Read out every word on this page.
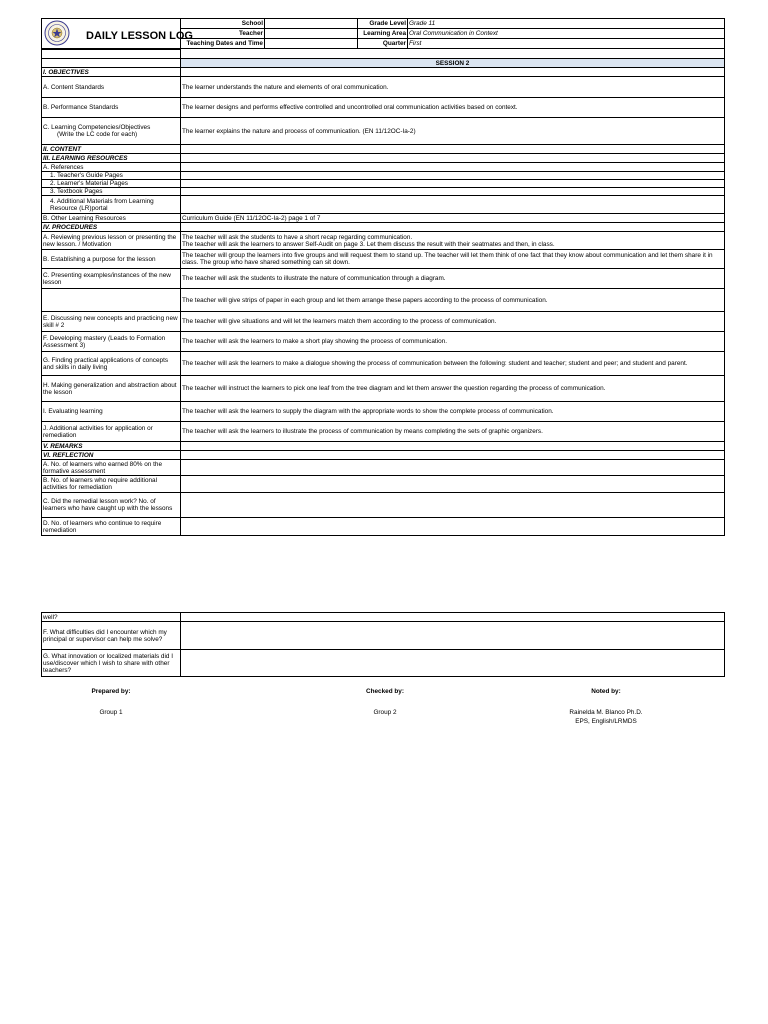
DAILY LESSON LOG
School		Grade Level	Grade 11
Teacher		Learning Area	Oral Communication in Context
Teaching Dates and Time		Quarter	First

	SESSION 2
I. OBJECTIVES	
A. Content Standards	The learner understands the nature and elements of oral communication.
B. Performance Standards	The learner designs and performs effective controlled and uncontrolled oral communication activities based on context.

C. Learning Competencies/Objectives
(Write the LC code for each)	The learner explains the nature and process of communication. (EN 11/12OC-Ia-2)
II. CONTENT	
III. LEARNING RESOURCES	
A. References	
1. Teacher's Guide Pages	
2. Learner's Material Pages	
3. Textbook Pages	

4. Additional Materials from Learning
Resource (LR)portal	

B. Other Learning Resources	Curriculum Guide (EN 11/12OC-Ia-2) page 1 of 7
IV. PROCEDURES	
A. Reviewing previous lesson or presenting the new lesson. / Motivation	The teacher will ask the students to have a short recap regarding communication.
The teacher will ask the learners to answer Self-Audit on page 3. Let them discuss the result with their seatmates and then, in class.

B. Establishing a purpose for the lesson	The teacher will group the learners into five groups and will request them to stand up. The teacher will let them think of one fact that they know about communication and let them share it in class. The group who have shared something can sit down.
C. Presenting examples/instances of the new lesson	The teacher will ask the students to illustrate the nature of communication through a diagram.
	The teacher will give strips of paper in each group and let them arrange these papers according to the process of communication.
E. Discussing new concepts and practicing new skill # 2	The teacher will give situations and will let the learners match them according to the process of communication.
F. Developing mastery (Leads to Formation Assessment 3)	The teacher will ask the learners to make a short play showing the process of communication.
G. Finding practical applications of concepts and skills in daily living	The teacher will ask the learners to make a dialogue showing the process of communication between the following: student and teacher; student and peer; and student and parent.
H. Making generalization and abstraction about the lesson	The teacher will instruct the learners to pick one leaf from the tree diagram and let them answer the question regarding the process of communication.
I. Evaluating learning	The teacher will ask the learners to supply the diagram with the appropriate words to show the complete process of communication.
J. Additional activities for application or remediation	The teacher will ask the learners to illustrate the process of communication by means completing the sets of graphic organizers.
V. REMARKS	
VI. REFLECTION	
A. No. of learners who earned 80% on the formative assessment	
B. No. of learners who require additional activities for remediation	
C. Did the remedial lesson work? No. of learners who have caught up with the lessons	
D. No. of learners who continue to require remediation	
well?	
F. What difficulties did I encounter which my principal or supervisor can help me solve?	
G. What innovation or localized materials did I use/discover which I wish to share with other teachers?	
Prepared by:
Group 1
Checked by:
Group 2
Noted by:
Rainelda M. Blanco Ph.D.
EPS, English/LRMDS
